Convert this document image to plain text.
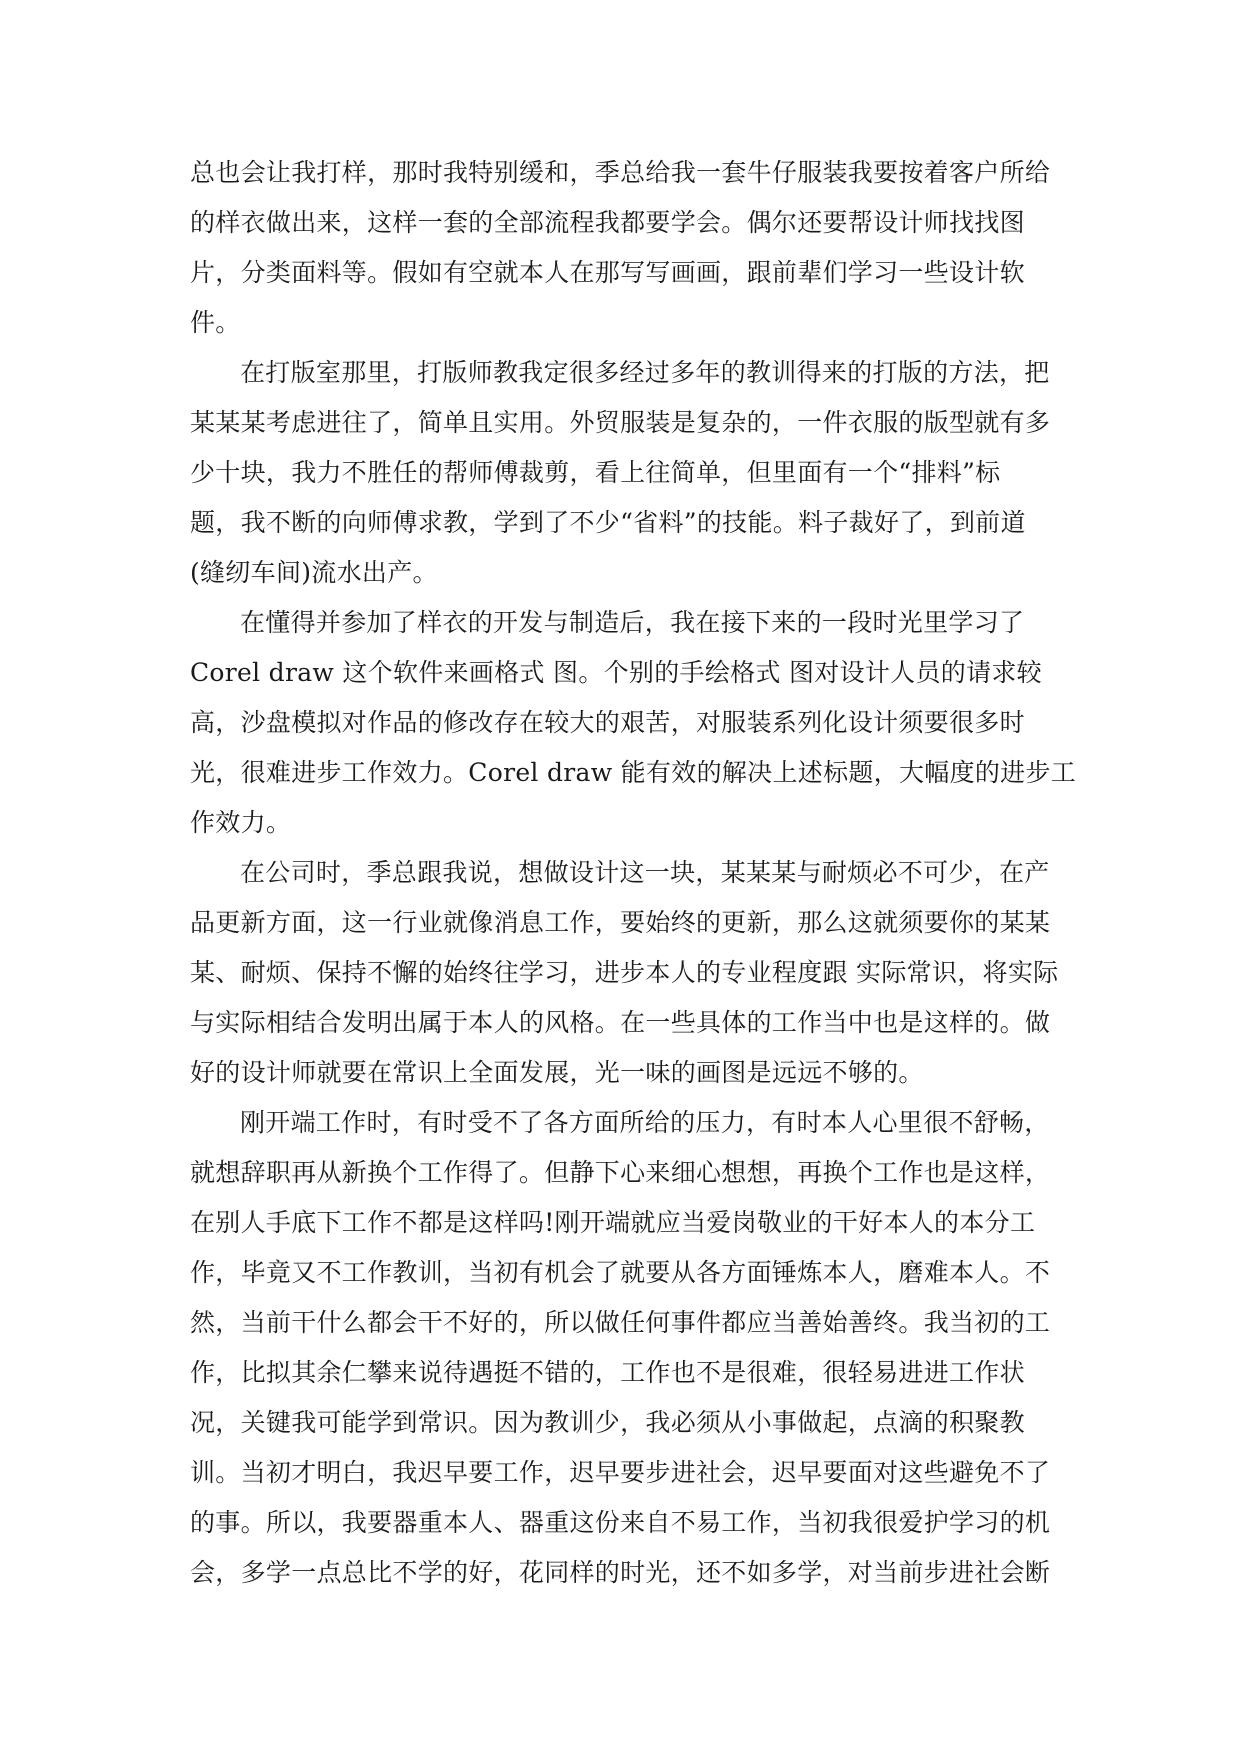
总也会让我打样，那时我特别缓和，季总给我一套牛仔服装我要按着客户所给
的样衣做出来，这样一套的全部流程我都要学会。偶尔还要帮设计师找找图
片，分类面料等。假如有空就本人在那写写画画，跟前辈们学习一些设计软
件。
在打版室那里，打版师教我定很多经过多年的教训得来的打版的方法，把
某某某考虑进往了，简单且实用。外贸服装是复杂的，一件衣服的版型就有多
少十块，我力不胜任的帮师傅裁剪，看上往简单，但里面有一个“排料”标
题，我不断的向师傅求教，学到了不少“省料”的技能。料子裁好了，到前道
(缝纫车间)流水出产。
在懂得并参加了样衣的开发与制造后，我在接下来的一段时光里学习了
Corel draw 这个软件来画格式 图。个别的手绘格式 图对设计人员的请求较
高，沙盘模拟对作品的修改存在较大的艰苦，对服装系列化设计须要很多时
光，很难进步工作效力。Corel draw 能有效的解决上述标题，大幅度的进步工
作效力。
在公司时，季总跟我说，想做设计这一块，某某某与耐烦必不可少，在产
品更新方面，这一行业就像消息工作，要始终的更新，那么这就须要你的某某
某、耐烦、保持不懈的始终往学习，进步本人的专业程度跟 实际常识，将实际
与实际相结合发明出属于本人的风格。在一些具体的工作当中也是这样的。做
好的设计师就要在常识上全面发展，光一味的画图是远远不够的。
刚开端工作时，有时受不了各方面所给的压力，有时本人心里很不舒畅，
就想辞职再从新换个工作得了。但静下心来细心想想，再换个工作也是这样，
在别人手底下工作不都是这样吗!刚开端就应当爱岗敬业的干好本人的本分工
作，毕竟又不工作教训，当初有机会了就要从各方面锤炼本人，磨难本人。不
然，当前干什么都会干不好的，所以做任何事件都应当善始善终。我当初的工
作，比拟其余仁攀来说待遇挺不错的，工作也不是很难，很轻易进进工作状
况，关键我可能学到常识。因为教训少，我必须从小事做起，点滴的积聚教
训。当初才明白，我迟早要工作，迟早要步进社会，迟早要面对这些避免不了
的事。所以，我要器重本人、器重这份来自不易工作，当初我很爱护学习的机
会，多学一点总比不学的好，花同样的时光，还不如多学，对当前步进社会断
